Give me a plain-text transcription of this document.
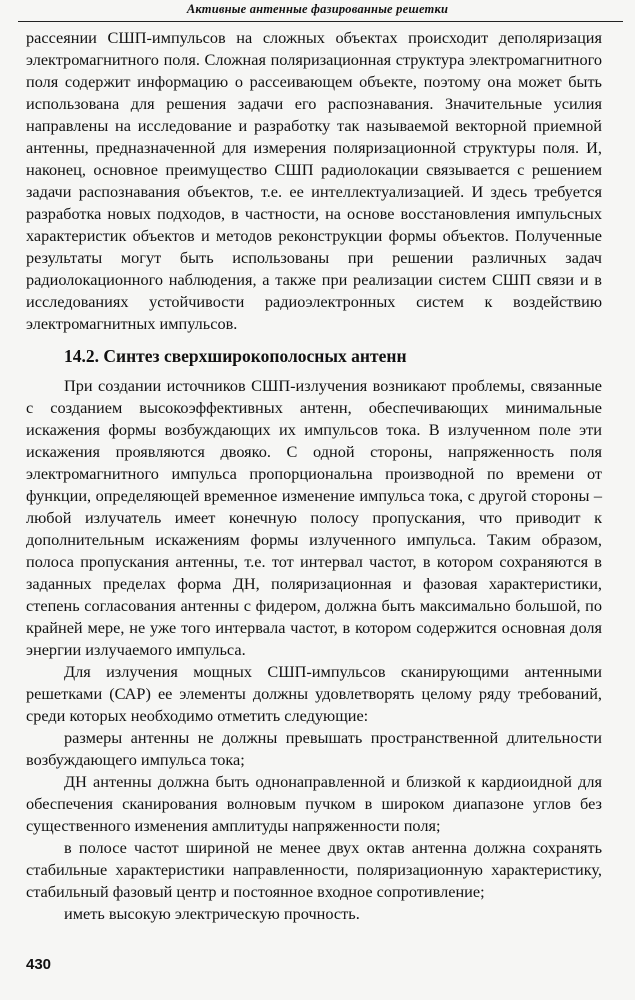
Активные антенные фазированные решетки

рассеянии СШП-импульсов на сложных объектах происходит деполяризация электромагнитного поля. Сложная поляризационная структура электромагнитного поля содержит информацию о рассеивающем объекте, поэтому она может быть использована для решения задачи его распознавания. Значительные усилия направлены на исследование и разработку так называемой векторной приемной антенны, предназначенной для измерения поляризационной структуры поля. И, наконец, основное преимущество СШП радиолокации связывается с решением задачи распознавания объектов, т.е. ее интеллектуализацией. И здесь требуется разработка новых подходов, в частности, на основе восстановления импульсных характеристик объектов и методов реконструкции формы объектов. Полученные результаты могут быть использованы при решении различных задач радиолокационного наблюдения, а также при реализации систем СШП связи и в исследованиях устойчивости радиоэлектронных систем к воздействию электромагнитных импульсов.

14.2. Синтез сверхширокополосных антенн

При создании источников СШП-излучения возникают проблемы, связанные с созданием высокоэффективных антенн, обеспечивающих минимальные искажения формы возбуждающих их импульсов тока. В излученном поле эти искажения проявляются двояко. С одной стороны, напряженность поля электромагнитного импульса пропорциональна производной по времени от функции, определяющей временное изменение импульса тока, с другой стороны – любой излучатель имеет конечную полосу пропускания, что приводит к дополнительным искажениям формы излученного импульса. Таким образом, полоса пропускания антенны, т.е. тот интервал частот, в котором сохраняются в заданных пределах форма ДН, поляризационная и фазовая характеристики, степень согласования антенны с фидером, должна быть максимально большой, по крайней мере, не уже того интервала частот, в котором содержится основная доля энергии излучаемого импульса.

Для излучения мощных СШП-импульсов сканирующими антенными решетками (САР) ее элементы должны удовлетворять целому ряду требований, среди которых необходимо отметить следующие:

размеры антенны не должны превышать пространственной длительности возбуждающего импульса тока;

ДН антенны должна быть однонаправленной и близкой к кардиоидной для обеспечения сканирования волновым пучком в широком диапазоне углов без существенного изменения амплитуды напряженности поля;

в полосе частот шириной не менее двух октав антенна должна сохранять стабильные характеристики направленности, поляризационную характеристику, стабильный фазовый центр и постоянное входное сопротивление;

иметь высокую электрическую прочность.

430
